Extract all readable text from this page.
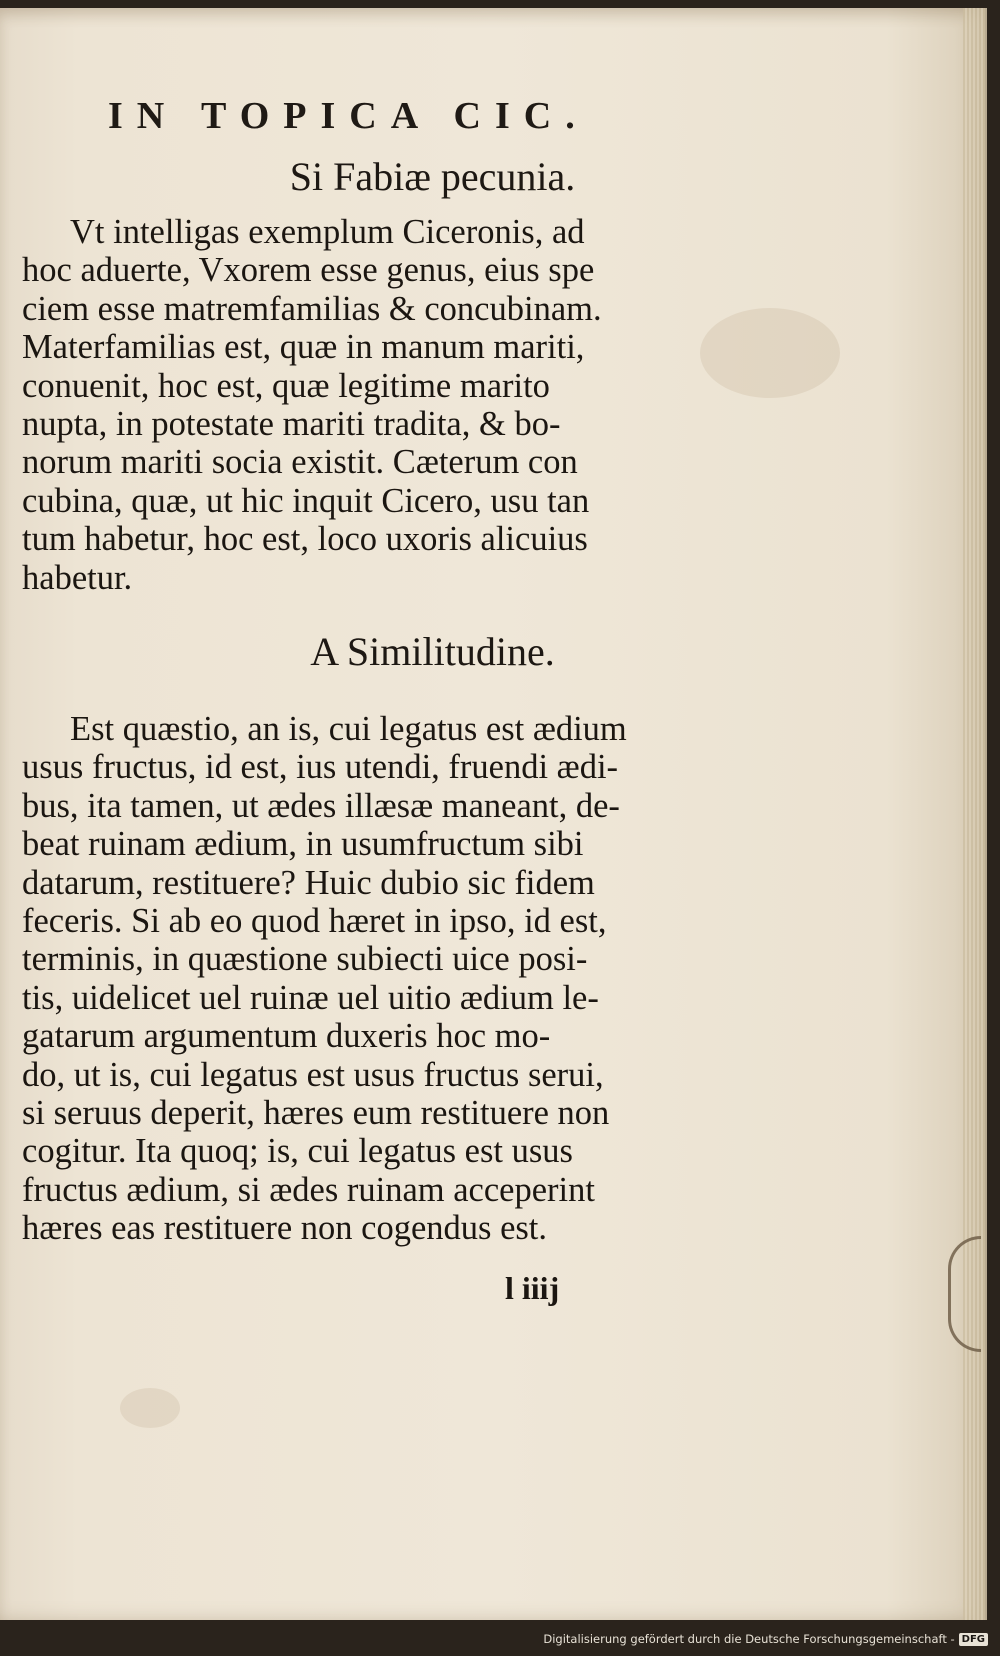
IN TOPICA CIC.
Si Fabiæ pecunia.
Vt intelligas exemplum Ciceronis, ad
hoc aduerte, Vxorem esse genus, eius spe
ciem esse matremfamilias & concubinam.
Materfamilias est, quæ in manum mariti,
conuenit, hoc est, quæ legitime marito
nupta, in potestate mariti tradita, & bo-
norum mariti socia existit. Cæterum con
cubina, quæ, ut hic inquit Cicero, usu tan
tum habetur, hoc est, loco uxoris alicuius
habetur.
A Similitudine.
Est quæstio, an is, cui legatus est ædium
usus fructus, id est, ius utendi, fruendi ædi-
bus, ita tamen, ut ædes illæsæ maneant, de-
beat ruinam ædium, in usumfructum sibi
datarum, restituere? Huic dubio sic fidem
feceris. Si ab eo quod hæret in ipso, id est,
terminis, in quæstione subiecti uice posi-
tis, uidelicet uel ruinæ uel uitio ædium le-
gatarum argumentum duxeris hoc mo-
do, ut is, cui legatus est usus fructus serui,
si seruus deperit, hæres eum restituere non
cogitur. Ita quoq; is, cui legatus est usus
fructus ædium, si ædes ruinam acceperint
hæres eas restituere non cogendus est.
l iiij
Digitalisierung gefördert durch die Deutsche Forschungsgemeinschaft - DFG
